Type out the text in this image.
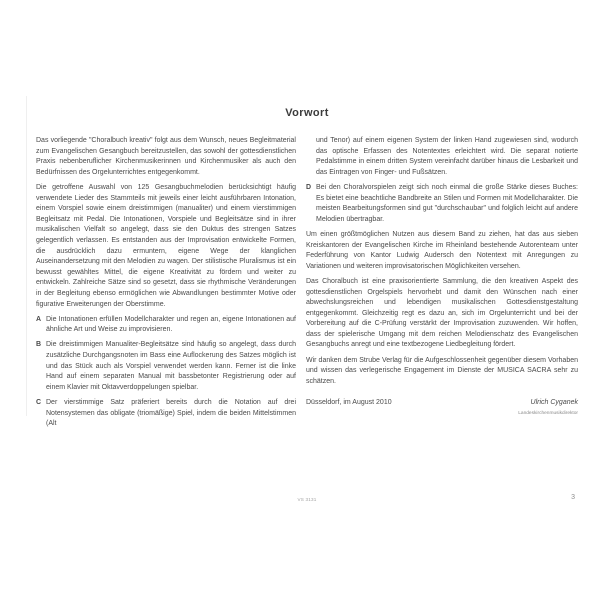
Vorwort

Das vorliegende "Choralbuch kreativ" folgt aus dem Wunsch, neues Begleitmaterial zum Evangelischen Gesangbuch bereitzustellen, das sowohl der gottesdienstlichen Praxis nebenberuflicher Kirchenmusikerinnen und Kirchenmusiker als auch den Bedürfnissen des Orgelunterrichtes entgegenkommt.

Die getroffene Auswahl von 125 Gesangbuchmelodien berücksichtigt häufig verwendete Lieder des Stammteils mit jeweils einer leicht ausführbaren Intonation, einem Vorspiel sowie einem dreistimmigen (manualiter) und einem vierstimmigen Begleitsatz mit Pedal. Die Intonationen, Vorspiele und Begleitsätze sind in ihrer musikalischen Vielfalt so angelegt, dass sie den Duktus des strengen Satzes gelegentlich verlassen. Es entstanden aus der Improvisation entwickelte Formen, die ausdrücklich dazu ermuntern, eigene Wege der klanglichen Auseinandersetzung mit den Melodien zu wagen. Der stilistische Pluralismus ist ein bewusst gewähltes Mittel, die eigene Kreativität zu fördern und weiter zu entwickeln. Zahlreiche Sätze sind so gesetzt, dass sie rhythmische Veränderungen in der Begleitung ebenso ermöglichen wie Abwandlungen bestimmter Motive oder figurative Erweiterungen der Oberstimme.

A Die Intonationen erfüllen Modellcharakter und regen an, eigene Intonationen auf ähnliche Art und Weise zu improvisieren.
B Die dreistimmigen Manualiter-Begleitsätze sind häufig so angelegt, dass durch zusätzliche Durchgangsnoten im Bass eine Auflockerung des Satzes möglich ist und das Stück auch als Vorspiel verwendet werden kann. Ferner ist die linke Hand auf einem separaten Manual mit bassbetonter Registrierung oder auf einem Klavier mit Oktavverdoppelungen spielbar.
C Der vierstimmige Satz präferiert bereits durch die Notation auf drei Notensystemen das obligate (triomäßige) Spiel, indem die beiden Mittelstimmen (Alt

und Tenor) auf einem eigenen System der linken Hand zugewiesen sind, wodurch das optische Erfassen des Notentextes erleichtert wird. Die separat notierte Pedalstimme in einem dritten System vereinfacht darüber hinaus die Lesbarkeit und das Eintragen von Finger- und Fußsätzen.

D Bei den Choralvorspielen zeigt sich noch einmal die große Stärke dieses Buches: Es bietet eine beachtliche Bandbreite an Stilen und Formen mit Modellcharakter. Die meisten Bearbeitungsformen sind gut "durchschaubar" und folglich leicht auf andere Melodien übertragbar.

Um einen größtmöglichen Nutzen aus diesem Band zu ziehen, hat das aus sieben Kreiskantoren der Evangelischen Kirche im Rheinland bestehende Autorenteam unter Federführung von Kantor Ludwig Audersch den Notentext mit Anregungen zu Variationen und weiteren improvisatorischen Möglichkeiten versehen.

Das Choralbuch ist eine praxisorientierte Sammlung, die den kreativen Aspekt des gottesdienstlichen Orgelspiels hervorhebt und damit den Wünschen nach einer abwechslungsreichen und lebendigen musikalischen Gottesdienstgestaltung entgegenkommt. Gleichzeitig regt es dazu an, sich im Orgelunterricht und bei der Vorbereitung auf die C-Prüfung verstärkt der Improvisation zuzuwenden. Wir hoffen, dass der spielerische Umgang mit dem reichen Melodienschatz des Evangelischen Gesangbuchs anregt und eine textbezogene Liedbegleitung fördert.

Wir danken dem Strube Verlag für die Aufgeschlossenheit gegenüber diesem Vorhaben und wissen das verlegerische Engagement im Dienste der MUSICA SACRA sehr zu schätzen.

Düsseldorf, im August 2010	Ulrich Cyganek
Landeskirchenmusikdirektor
VS 3131	3
